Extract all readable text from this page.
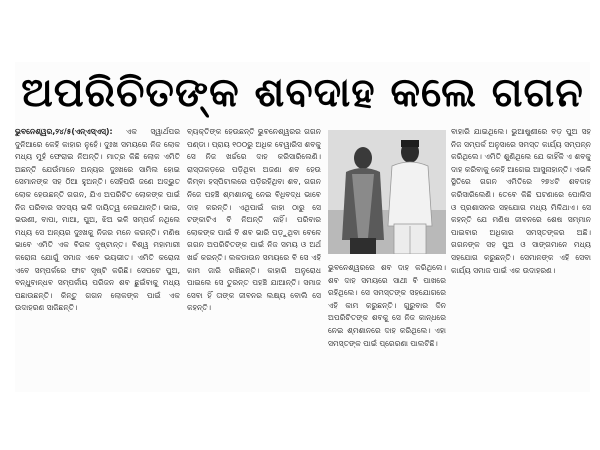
ଅପରିଚିତଙ୍କ ଶବଦାହ କଲେ ଗଗନ
ଭୁବନେଶ୍ୱର,୨୪/୫(ଏନ୍ଏସ୍ଏସ୍): ଏକ ସ୍ୱାର୍ଥପର ଦୁନିଆରେ କେହି କାହାର ନୁହେଁ। ଦୁଃଖ ସମୟରେ ନିଜ ଲୋକ ମଧ୍ୟ ମୁହଁ ଫେରାଇ ନିଅନ୍ତି। ମାତ୍ର କିଛି ଲୋକ ଏମିତି ଅଛନ୍ତି ଯେଉଁମାନେ ଅନ୍ୟର ଦୁଃଖରେ ସାମିଲ ହୋଇ ସେମାନଙ୍କ ସହ ଠିଆ ହୁଅନ୍ତି। ସେହିପରି ଜଣେ ଅଦ୍ଭୁତ ଲୋକ ହେଉଛନ୍ତି ଗଗନ, ଯିଏ ଅପରିଚିତ ଲୋକଙ୍କ ପାଇଁ ନିଜ ପରିବାର ସଦସ୍ୟ ଭଳି ଦାୟିତ୍ୱ ନେଇଥାନ୍ତି। ଭାଇ, ଭଉଣୀ, ବାପା, ମାଆ, ପୁଅ, ଝିଅ ଭଳି ସମ୍ପର୍କ ନଥିଲେ ମଧ୍ୟ ସେ ଅନ୍ୟର ଦୁଃଖକୁ ନିଜର ମନେ କରନ୍ତି। ମଣିଷ ଭାବେ ଏମିତି ଏକ ବିରଳ ଦୃଷ୍ଟାନ୍ତ। ବିଶ୍ୱ ମହାମାରୀ କରୋନା ଯୋଗୁଁ ସମାଜ ଏବେ ଭୟଭୀତ। ଏମିତି କରୋନା ଏବେ ସମ୍ପର୍କରେ ଫାଟ ସୃଷ୍ଟି କରିଛି। ସେପଟେ ପୁଅ, ବନ୍ଧୁବାନ୍ଧବ ସମ୍ପର୍କୀୟ ପରିଜନ ଶବ ଛୁଇଁବାକୁ ମଧ୍ୟ ପଛାଉଛନ୍ତି। କିନ୍ତୁ ଗଗନ ଲୋକଙ୍କ ପାଇଁ ଏକ ଉଦାହରଣ ସାଜିଛନ୍ତି।
ବ୍ୟକ୍ତିଙ୍କ ହେଉଛନ୍ତି ଭୁବନେଶ୍ୱରର ଗଗନ ପଣ୍ଡା। ପ୍ରାୟ ୧୦୦ରୁ ଅଧିକ ବେୱାରିସ ଶବକୁ ସେ ନିଜ ଖର୍ଚ୍ଚରେ ଦାହ କରିସାରିଲେଣି। ରାସ୍ତାକଡ଼ରେ ପଡ଼ିଥିବା ଅଜଣା ଶବ ହେଉ କିମ୍ବା ହସ୍ପିଟାଲରେ ପଡ଼ିରହିଥିବା ଶବ, ଗଗନ ନିଜେ ପହଞ୍ଚି ଶ୍ମଶାନକୁ ନେଇ ବିଧିବଦ୍ଧ ଭାବେ ଦାହ କରନ୍ତି। ଏଥିପାଇଁ କାହା ଠାରୁ ସେ ଟଙ୍କାଟିଏ ବି ନିଅନ୍ତି ନାହିଁ। ପରିବାର ଲୋକଙ୍କ ପାଇଁ ବି ଶବ ଭାରି ପଡ଼ୁଥିବା ବେଳେ ଗଗନ ଅପରିଚିତଙ୍କ ପାଇଁ ନିଜ ସମୟ ଓ ଅର୍ଥ ଖର୍ଚ୍ଚ କରନ୍ତି। ଲକଡାଉନ ସମୟରେ ବି ସେ ଏହି କାମ ଜାରି ରଖିଛନ୍ତି। କାହାରି ଅନୁରୋଧ ପାଇଲେ ସେ ତୁରନ୍ତ ପହଞ୍ଚି ଯାଆନ୍ତି। ସମାଜ ସେବା ହିଁ ତାଙ୍କ ଜୀବନର ଲକ୍ଷ୍ୟ ବୋଲି ସେ କହନ୍ତି।
ଭୁବନେଶ୍ୱରରେ ଶବ ଦାହ କରିଥିଲେ। ଶବ ଦାହ ସମୟରେ ସାଥୀ ବି ପାଖରେ ରହିଥିଲେ। ସେ ସମସ୍ତଙ୍କ ସହଯୋଗରେ ଏହି କାମ କରୁଛନ୍ତି। ଗୁରୁବାର ଦିନ ଅପରିଚିତଙ୍କ ଶବକୁ ସେ ନିଜ କାନ୍ଧରେ ନେଇ ଶ୍ମଶାନରେ ଦାହ କରିଥିଲେ। ଏହା ସମସ୍ତଙ୍କ ପାଇଁ ପ୍ରେରଣା ପାଲଟିଛି।
ବାହାରି ଯାଇଥିଲେ। ଭୁଆଷୁଣୀରେ ବଡ଼ ପୁଅ ସହ ନିଜ ସମ୍ପର୍କ ଅନୁସାରେ ସମସ୍ତ କାର୍ଯ୍ୟ ସମ୍ପନ୍ନ କରିଥିଲେ। ଏମିତି ଶୁଣିଥିଲେ ଯେ କାହିଁକି ଏ ଶବକୁ ଦାହ କରିବାକୁ କେହି ଆଗେଇ ଆସୁନାହାନ୍ତି। ଏଭଳି ସ୍ଥିତିରେ ଗଗନ ଏମିତିରେ ୨୭୪ଟି ଶବଦାହ କରିସାରିଲେଣି। ତେବେ କିଛି ଘଟଣାରେ ପୋଲିସ ଓ ପ୍ରଶାସନର ସହଯୋଗ ମଧ୍ୟ ମିଳିଥାଏ। ସେ କହନ୍ତି ଯେ ମଣିଷ ଜୀବନରେ ଶେଷ ସମ୍ମାନ ପାଇବାର ଅଧିକାର ସମସ୍ତଙ୍କର ଅଛି। ଗଗନଙ୍କ ସହ ପୁଅ ଓ ସାଙ୍ଗମାନେ ମଧ୍ୟ ସହଯୋଗ କରୁଛନ୍ତି। ସେମାନଙ୍କ ଏହି ସେବା କାର୍ଯ୍ୟ ସମାଜ ପାଇଁ ଏକ ଉଦାହରଣ।
